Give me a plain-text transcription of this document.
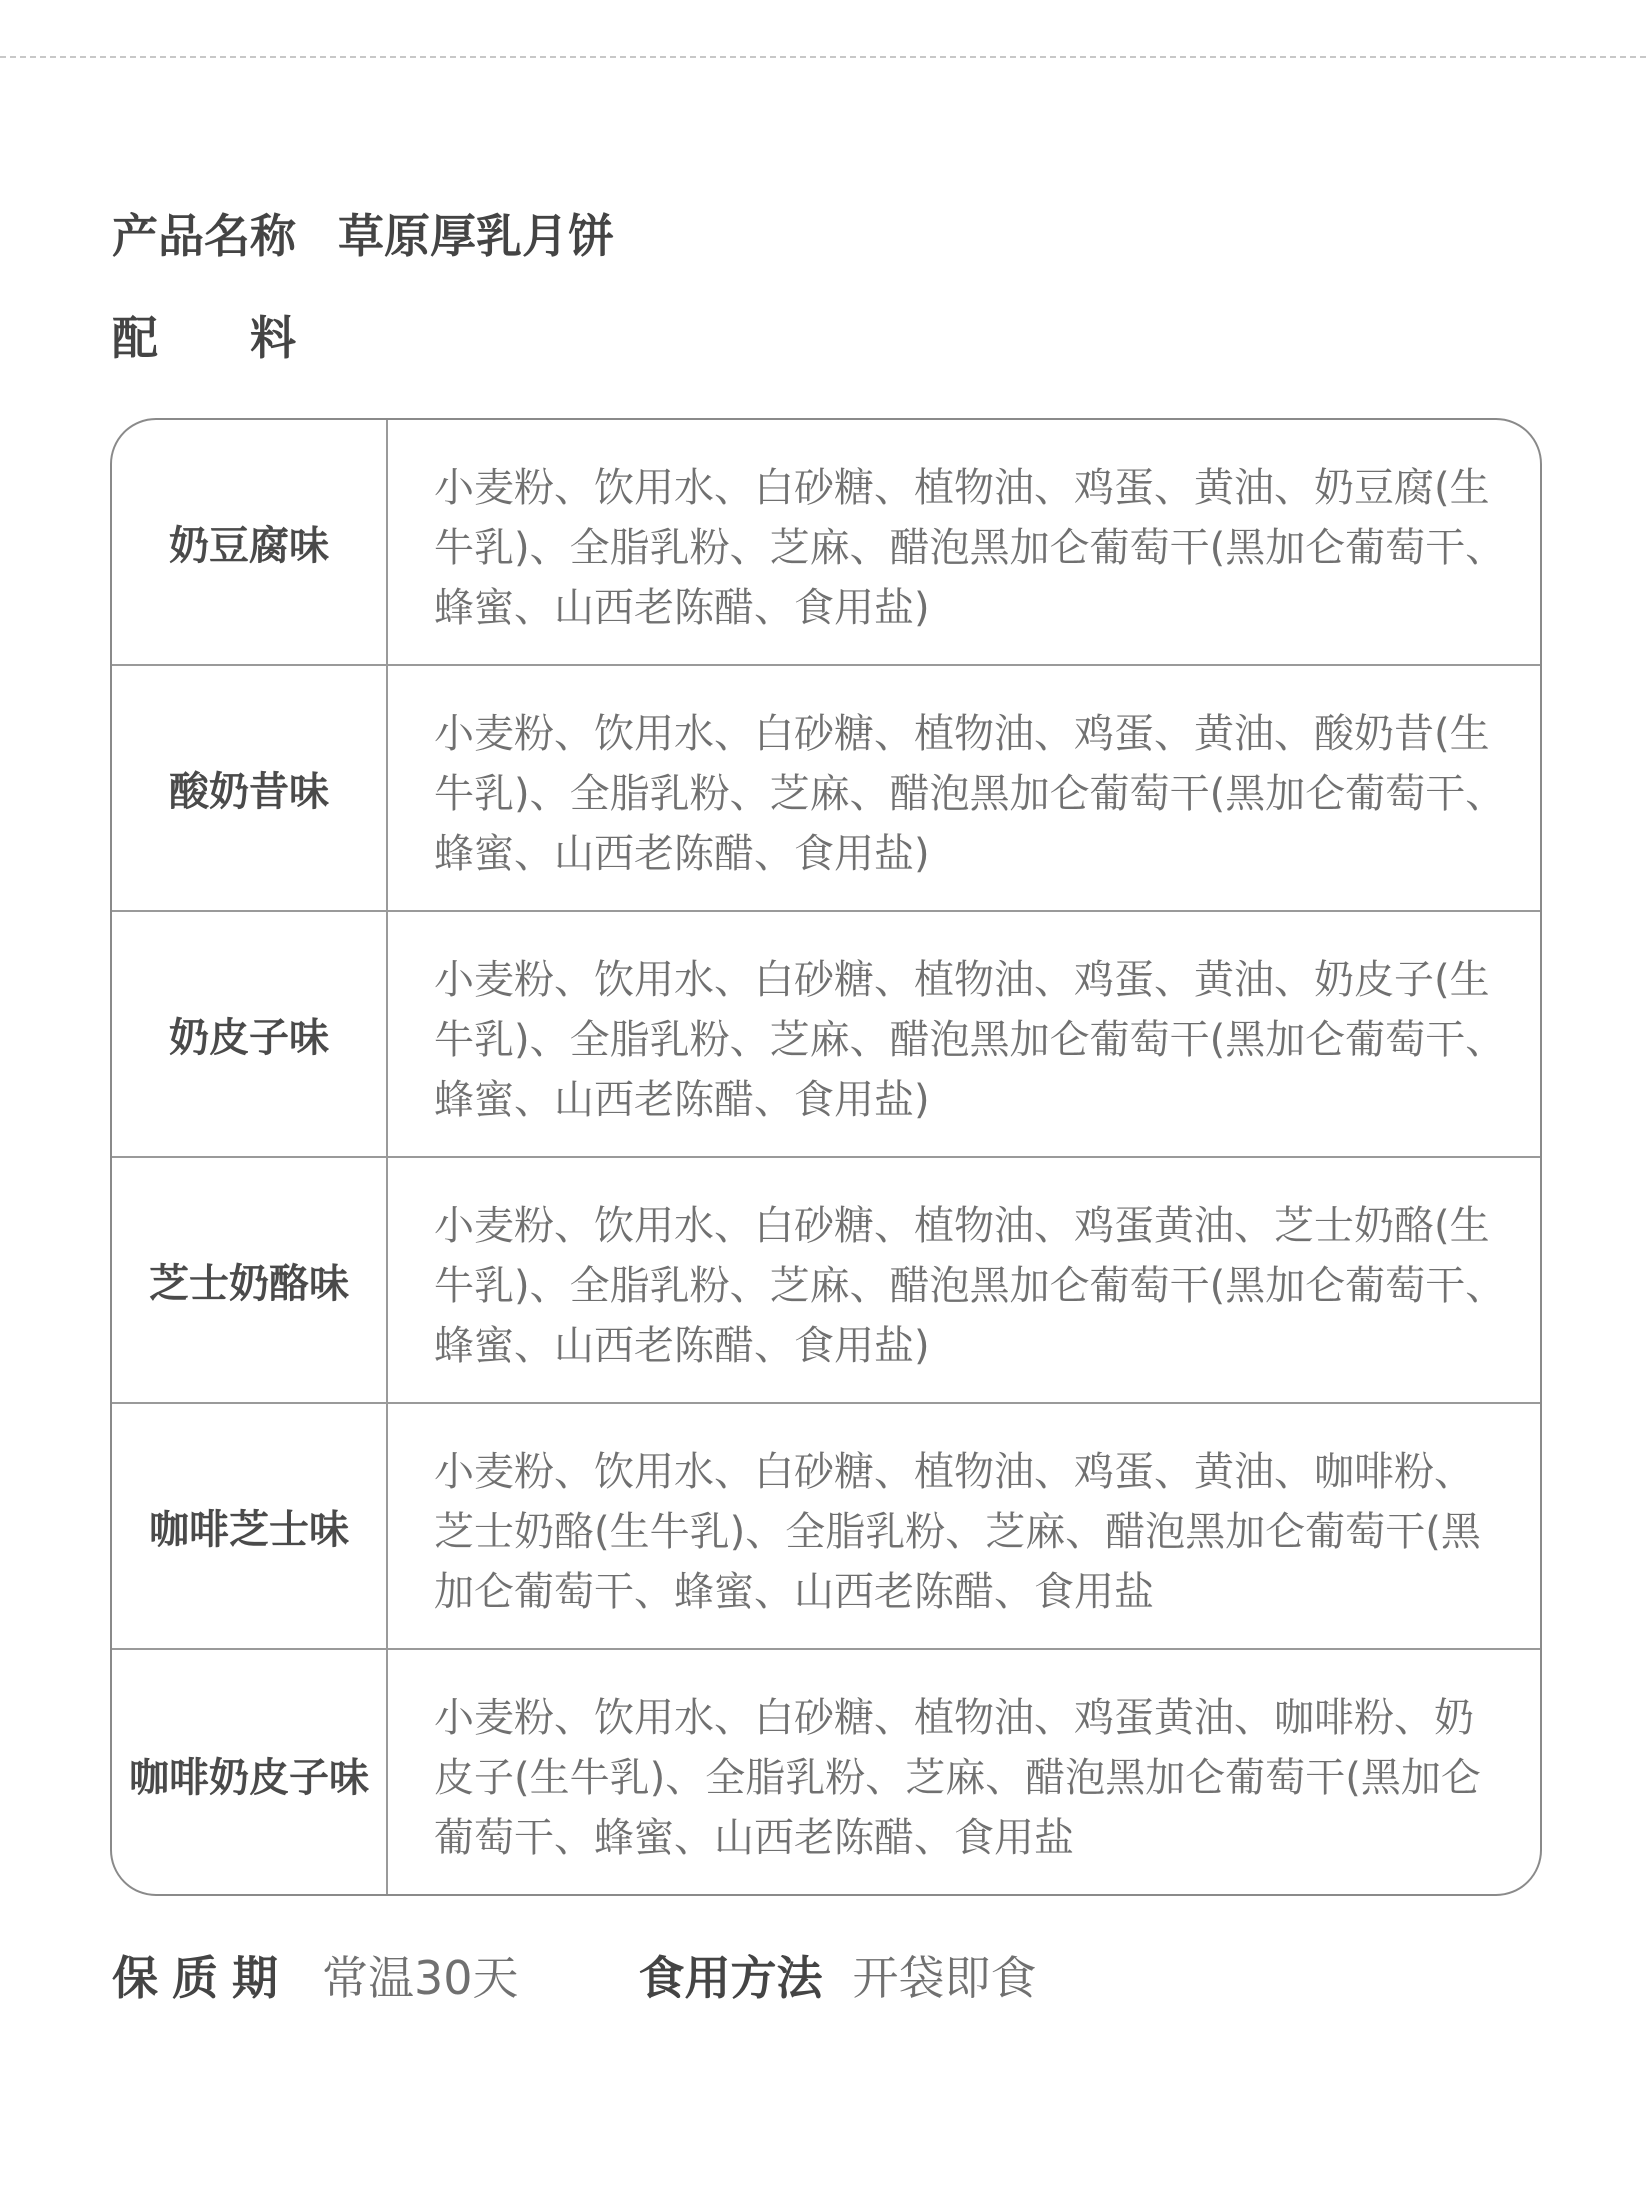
产品名称 草原厚乳月饼
配料
奶豆腐味
小麦粉、饮用水、白砂糖、植物油、鸡蛋、黄油、奶豆腐(生牛乳)、全脂乳粉、芝麻、醋泡黑加仑葡萄干(黑加仑葡萄干、蜂蜜、山西老陈醋、食用盐)
酸奶昔味
小麦粉、饮用水、白砂糖、植物油、鸡蛋、黄油、酸奶昔(生牛乳)、全脂乳粉、芝麻、醋泡黑加仑葡萄干(黑加仑葡萄干、蜂蜜、山西老陈醋、食用盐)
奶皮子味
小麦粉、饮用水、白砂糖、植物油、鸡蛋、黄油、奶皮子(生牛乳)、全脂乳粉、芝麻、醋泡黑加仑葡萄干(黑加仑葡萄干、蜂蜜、山西老陈醋、食用盐)
芝士奶酪味
小麦粉、饮用水、白砂糖、植物油、鸡蛋黄油、芝士奶酪(生牛乳)、全脂乳粉、芝麻、醋泡黑加仑葡萄干(黑加仑葡萄干、蜂蜜、山西老陈醋、食用盐)
咖啡芝士味
小麦粉、饮用水、白砂糖、植物油、鸡蛋、黄油、咖啡粉、芝士奶酪(生牛乳)、全脂乳粉、芝麻、醋泡黑加仑葡萄干(黑加仑葡萄干、蜂蜜、山西老陈醋、食用盐
咖啡奶皮子味
小麦粉、饮用水、白砂糖、植物油、鸡蛋黄油、咖啡粉、奶皮子(生牛乳)、全脂乳粉、芝麻、醋泡黑加仑葡萄干(黑加仑葡萄干、蜂蜜、山西老陈醋、食用盐
保质期 常温30天	食用方法 开袋即食
